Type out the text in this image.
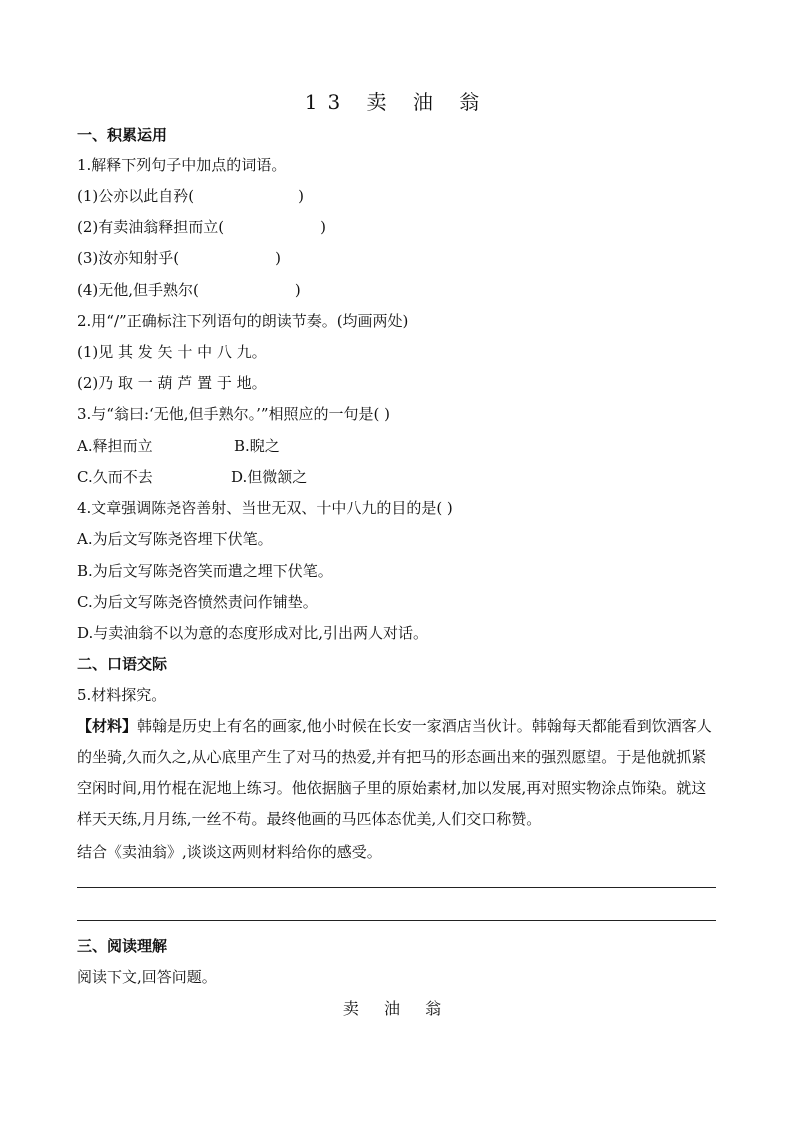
13 卖 油 翁
一、积累运用
1.解释下列句子中加点的词语。
(1)公亦以此自矜(	)
(2)有卖油翁释担而立(	)
(3)汝亦知射乎(	)
(4)无他,但手熟尔(	)
2.用“/”正确标注下列语句的朗读节奏。(均画两处)
(1)见 其 发 矢 十 中 八 九。
(2)乃 取 一 葫 芦 置 于 地。
3.与“翁曰:‘无他,但手熟尔。’”相照应的一句是( )
A.释担而立	B.睨之
C.久而不去	D.但微颔之
4.文章强调陈尧咨善射、当世无双、十中八九的目的是( )
A.为后文写陈尧咨埋下伏笔。
B.为后文写陈尧咨笑而遣之埋下伏笔。
C.为后文写陈尧咨愤然责问作铺垫。
D.与卖油翁不以为意的态度形成对比,引出两人对话。
二、口语交际
5.材料探究。
【材料】韩翰是历史上有名的画家,他小时候在长安一家酒店当伙计。韩翰每天都能看到饮酒客人的坐骑,久而久之,从心底里产生了对马的热爱,并有把马的形态画出来的强烈愿望。于是他就抓紧空闲时间,用竹棍在泥地上练习。他依据脑子里的原始素材,加以发展,再对照实物涂点饰染。就这样天天练,月月练,一丝不苟。最终他画的马匹体态优美,人们交口称赞。
结合《卖油翁》,谈谈这两则材料给你的感受。
三、阅读理解
阅读下文,回答问题。
卖 油 翁
